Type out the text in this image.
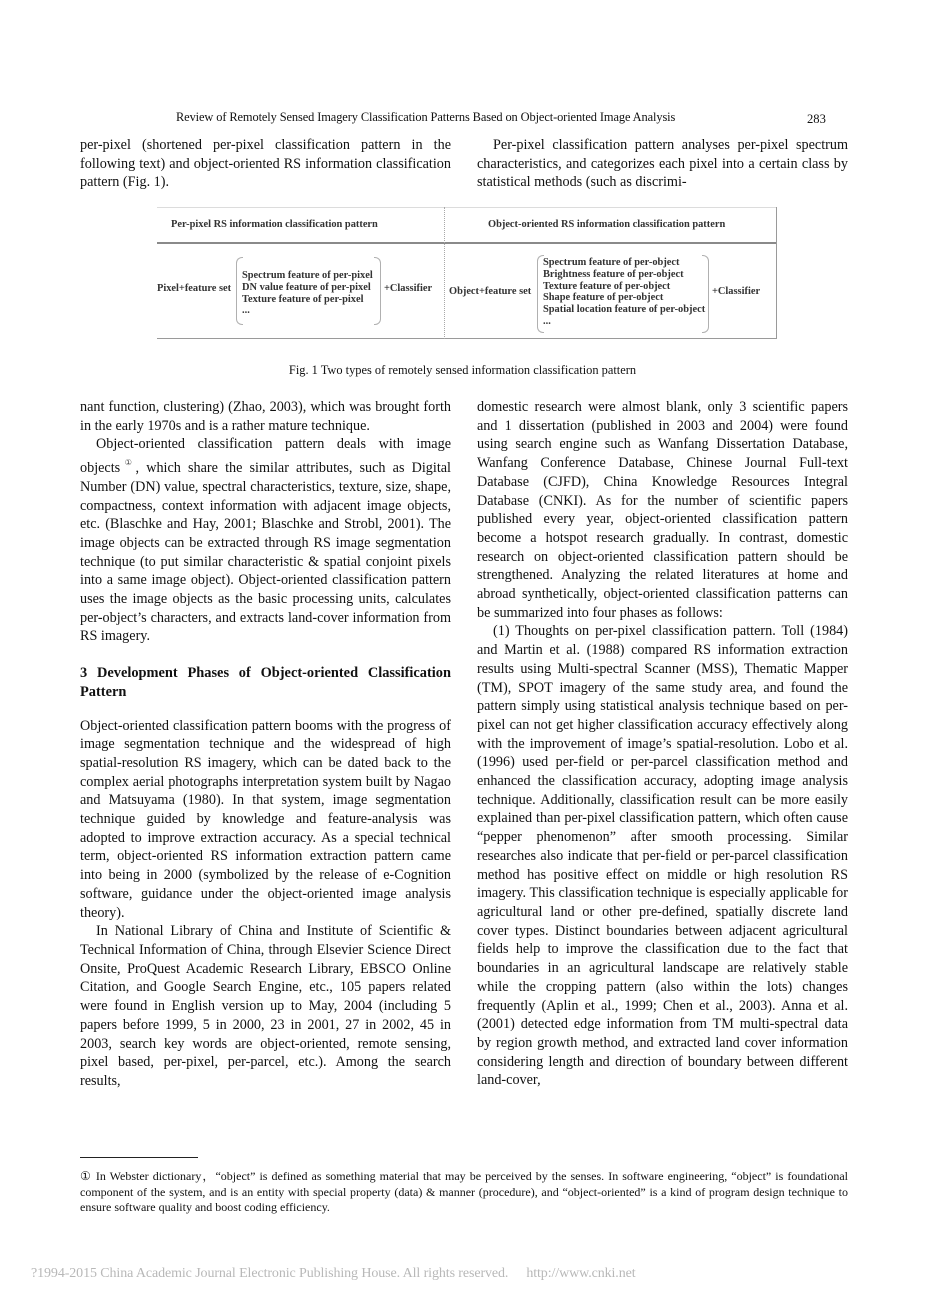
Review of Remotely Sensed Imagery Classification Patterns Based on Object-oriented Image Analysis	283

per-pixel (shortened per-pixel classification pattern in the following text) and object-oriented RS information classification pattern (Fig. 1).

Per-pixel classification pattern analyses per-pixel spectrum characteristics, and categorizes each pixel into a certain class by statistical methods (such as discrimi-

Per-pixel RS information classification pattern	Object-oriented RS information classification pattern
Pixel+feature set
Spectrum feature of per-pixel
DN value feature of per-pixel
Texture feature of per-pixel
...
+Classifier Object+feature set
Spectrum feature of per-object
Brightness feature of per-object
Texture feature of per-object
Shape feature of per-object
Spatial location feature of per-object
...
+Classifier
Fig. 1 Two types of remotely sensed information classification pattern

nant function, clustering) (Zhao, 2003), which was brought forth in the early 1970s and is a rather mature technique.

Object-oriented classification pattern deals with image objects①, which share the similar attributes, such as Digital Number (DN) value, spectral characteristics, texture, size, shape, compactness, context information with adjacent image objects, etc. (Blaschke and Hay, 2001; Blaschke and Strobl, 2001). The image objects can be extracted through RS image segmentation technique (to put similar characteristic & spatial conjoint pixels into a same image object). Object-oriented classification pattern uses the image objects as the basic processing units, calculates per-object’s characters, and extracts land-cover information from RS imagery.

3 Development Phases of Object-oriented Classification Pattern

Object-oriented classification pattern booms with the progress of image segmentation technique and the widespread of high spatial-resolution RS imagery, which can be dated back to the complex aerial photographs interpretation system built by Nagao and Matsuyama (1980). In that system, image segmentation technique guided by knowledge and feature-analysis was adopted to improve extraction accuracy. As a special technical term, object-oriented RS information extraction pattern came into being in 2000 (symbolized by the release of e-Cognition software, guidance under the object-oriented image analysis theory).

In National Library of China and Institute of Scientific & Technical Information of China, through Elsevier Science Direct Onsite, ProQuest Academic Research Library, EBSCO Online Citation, and Google Search Engine, etc., 105 papers related were found in English version up to May, 2004 (including 5 papers before 1999, 5 in 2000, 23 in 2001, 27 in 2002, 45 in 2003, search key words are object-oriented, remote sensing, pixel based, per-pixel, per-parcel, etc.). Among the search results,

domestic research were almost blank, only 3 scientific papers and 1 dissertation (published in 2003 and 2004) were found using search engine such as Wanfang Dissertation Database, Wanfang Conference Database, Chinese Journal Full-text Database (CJFD), China Knowledge Resources Integral Database (CNKI). As for the number of scientific papers published every year, object-oriented classification pattern become a hotspot research gradually. In contrast, domestic research on object-oriented classification pattern should be strengthened. Analyzing the related literatures at home and abroad synthetically, object-oriented classification patterns can be summarized into four phases as follows:

(1) Thoughts on per-pixel classification pattern. Toll (1984) and Martin et al. (1988) compared RS information extraction results using Multi-spectral Scanner (MSS), Thematic Mapper (TM), SPOT imagery of the same study area, and found the pattern simply using statistical analysis technique based on per-pixel can not get higher classification accuracy effectively along with the improvement of image’s spatial-resolution. Lobo et al. (1996) used per-field or per-parcel classification method and enhanced the classification accuracy, adopting image analysis technique. Additionally, classification result can be more easily explained than per-pixel classification pattern, which often cause “pepper phenomenon” after smooth processing. Similar researches also indicate that per-field or per-parcel classification method has positive effect on middle or high resolution RS imagery. This classification technique is especially applicable for agricultural land or other pre-defined, spatially discrete land cover types. Distinct boundaries between adjacent agricultural fields help to improve the classification due to the fact that boundaries in an agricultural landscape are relatively stable while the cropping pattern (also within the lots) changes frequently (Aplin et al., 1999; Chen et al., 2003). Anna et al. (2001) detected edge information from TM multi-spectral data by region growth method, and extracted land cover information considering length and direction of boundary between different land-cover,

① In Webster dictionary，“object” is defined as something material that may be perceived by the senses. In software engineering, “object” is foundational component of the system, and is an entity with special property (data) & manner (procedure), and “object-oriented” is a kind of program design technique to ensure software quality and boost coding efficiency.

?1994-2015 China Academic Journal Electronic Publishing House. All rights reserved. http://www.cnki.net
